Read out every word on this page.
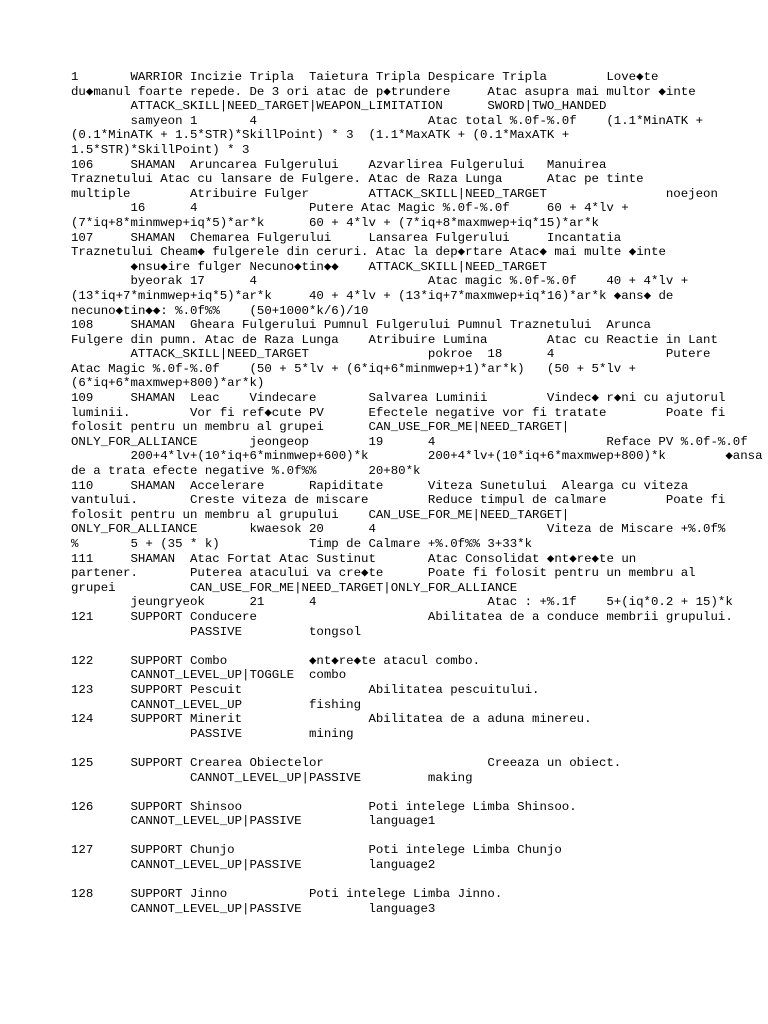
1	WARRIOR	Incizie Tripla	Taietura Tripla	Despicare Tripla	Love◆te
du◆manul foarte repede. De 3 ori atac de p◆trundere	Atac asupra mai multor ◆inte
	ATTACK_SKILL|NEED_TARGET|WEAPON_LIMITATION	SWORD|TWO_HANDED
	samyeon	1	4			Atac total %.0f-%.0f	(1.1*MinATK +
(0.1*MinATK + 1.5*STR)*SkillPoint) * 3	(1.1*MaxATK + (0.1*MaxATK +
1.5*STR)*SkillPoint) * 3
106	SHAMAN	Aruncarea Fulgerului	Azvarlirea Fulgerului	Manuirea
Traznetului Atac cu lansare de Fulgere.	Atac de Raza Lunga	Atac pe tinte
multiple	Atribuire Fulger	ATTACK_SKILL|NEED_TARGET		noejeon
	16	4		Putere Atac Magic %.0f-%.0f	60 + 4*lv +
(7*iq+8*minmwep+iq*5)*ar*k	60 + 4*lv + (7*iq+8*maxmwep+iq*15)*ar*k
107	SHAMAN	Chemarea Fulgerului	Lansarea Fulgerului	Incantatia
Traznetului Cheam◆ fulgerele din ceruri. Atac la dep◆rtare Atac◆ mai multe ◆inte
	◆nsu◆ire fulger	Necuno◆tin◆◆	ATTACK_SKILL|NEED_TARGET
	byeorak	17	4			Atac magic %.0f-%.0f	40 + 4*lv +
(13*iq+7*minmwep+iq*5)*ar*k	40 + 4*lv + (13*iq+7*maxmwep+iq*16)*ar*k ◆ans◆ de
necuno◆tin◆◆: %.0f%%	(50+1000*k/6)/10
108	SHAMAN	Gheara Fulgerului Pumnul Fulgerului Pumnul Traznetului	Arunca
Fulgere din pumn. Atac de Raza Lunga	Atribuire Lumina	Atac cu Reactie in Lant
	ATTACK_SKILL|NEED_TARGET		pokroe	18	4		Putere
Atac Magic %.0f-%.0f	(50 + 5*lv + (6*iq+6*minmwep+1)*ar*k)	(50 + 5*lv +
(6*iq+6*maxmwep+800)*ar*k)
109	SHAMAN	Leac	Vindecare	Salvarea Luminii	Vindec◆ r◆ni cu ajutorul
luminii.	Vor fi ref◆cute PV	Efectele negative vor fi tratate	Poate fi
folosit pentru un membru al grupei	CAN_USE_FOR_ME|NEED_TARGET|
ONLY_FOR_ALLIANCE	jeongeop	19	4			Reface PV %.0f-%.0f
	200+4*lv+(10*iq+6*minmwep+600)*k	200+4*lv+(10*iq+6*maxmwep+800)*k	◆ansa
de a trata efecte negative %.0f%%	20+80*k
110	SHAMAN	Accelerare	Rapiditate	Viteza Sunetului  Alearga cu viteza
vantului.	Creste viteza de miscare	Reduce timpul de calmare	Poate fi
folosit pentru un membru al grupului	CAN_USE_FOR_ME|NEED_TARGET|
ONLY_FOR_ALLIANCE	kwaesok	20	4			Viteza de Miscare +%.0f%
%	5 + (35 * k)		Timp de Calmare +%.0f%% 3+33*k
111	SHAMAN	Atac Fortat Atac Sustinut	Atac Consolidat	◆nt◆re◆te un
partener.	Puterea atacului va cre◆te	Poate fi folosit pentru un membru al
grupei		CAN_USE_FOR_ME|NEED_TARGET|ONLY_FOR_ALLIANCE
	jeungryeok	21	4			Atac : +%.1f	5+(iq*0.2 + 15)*k
121	SUPPORT	Conducere			Abilitatea de a conduce membrii grupului.
		PASSIVE		tongsol

122	SUPPORT	Combo		◆nt◆re◆te atacul combo.
	CANNOT_LEVEL_UP|TOGGLE	combo
123	SUPPORT	Pescuit			Abilitatea pescuitului.
	CANNOT_LEVEL_UP		fishing
124	SUPPORT	Minerit			Abilitatea de a aduna minereu.
		PASSIVE		mining

125	SUPPORT	Crearea Obiectelor			Creeaza un obiect.
		CANNOT_LEVEL_UP|PASSIVE		making

126	SUPPORT	Shinsoo			Poti intelege Limba Shinsoo.
	CANNOT_LEVEL_UP|PASSIVE		language1

127	SUPPORT	Chunjo			Poti intelege Limba Chunjo
	CANNOT_LEVEL_UP|PASSIVE		language2

128	SUPPORT	Jinno		Poti intelege Limba Jinno.
	CANNOT_LEVEL_UP|PASSIVE		language3
